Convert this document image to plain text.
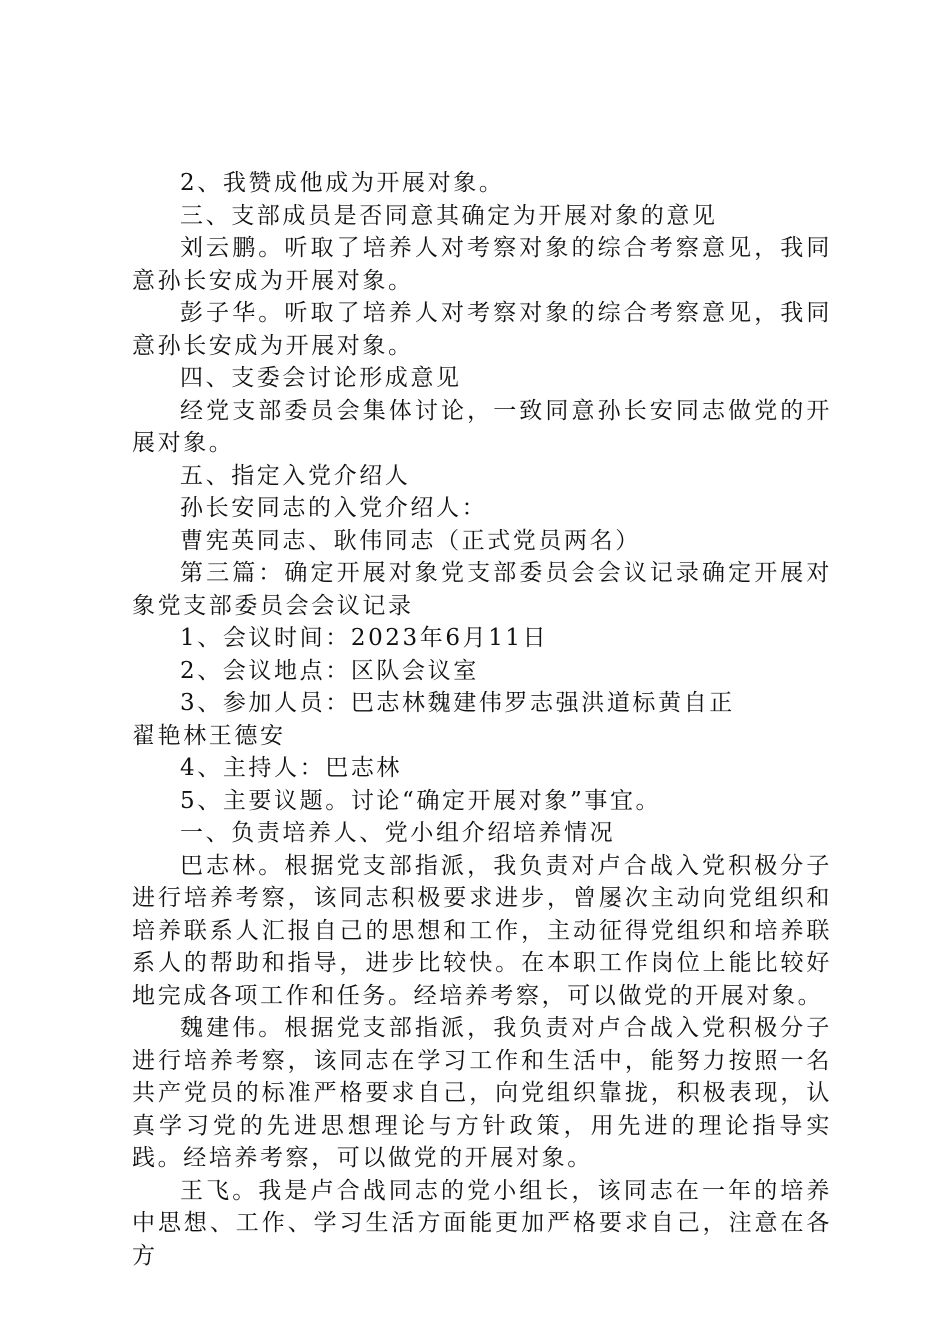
2、我赞成他成为开展对象。

三、支部成员是否同意其确定为开展对象的意见

刘云鹏。听取了培养人对考察对象的综合考察意见，我同意孙长安成为开展对象。

彭子华。听取了培养人对考察对象的综合考察意见，我同意孙长安成为开展对象。

四、支委会讨论形成意见

经党支部委员会集体讨论，一致同意孙长安同志做党的开展对象。

五、指定入党介绍人

孙长安同志的入党介绍人：

曹宪英同志、耿伟同志（正式党员两名）

第三篇：确定开展对象党支部委员会会议记录确定开展对象党支部委员会会议记录

1、会议时间：2023年6月11日

2、会议地点：区队会议室

3、参加人员：巴志林魏建伟罗志强洪道标黄自正

翟艳林王德安

4、主持人：巴志林

5、主要议题。讨论“确定开展对象”事宜。

一、负责培养人、党小组介绍培养情况

巴志林。根据党支部指派，我负责对卢合战入党积极分子进行培养考察，该同志积极要求进步，曾屡次主动向党组织和培养联系人汇报自己的思想和工作，主动征得党组织和培养联系人的帮助和指导，进步比较快。在本职工作岗位上能比较好地完成各项工作和任务。经培养考察，可以做党的开展对象。

魏建伟。根据党支部指派，我负责对卢合战入党积极分子进行培养考察，该同志在学习工作和生活中，能努力按照一名共产党员的标准严格要求自己，向党组织靠拢，积极表现，认真学习党的先进思想理论与方针政策，用先进的理论指导实践。经培养考察，可以做党的开展对象。

王飞。我是卢合战同志的党小组长，该同志在一年的培养中思想、工作、学习生活方面能更加严格要求自己，注意在各方
